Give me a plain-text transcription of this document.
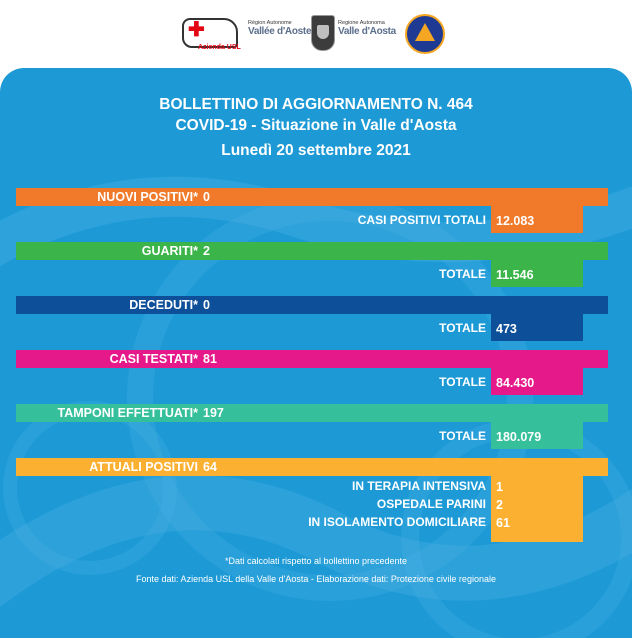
✚
Azienda USL
Région Autonome
Vallée d'Aoste
Regione Autonoma
Valle d'Aosta
BOLLETTINO DI AGGIORNAMENTO N. 464
COVID-19 - Situazione in Valle d'Aosta
Lunedì 20 settembre 2021
NUOVI POSITIVI* 0
12.083
CASI POSITIVI TOTALI
GUARITI* 2
11.546
TOTALE
DECEDUTI* 0
473
TOTALE
CASI TESTATI* 81
84.430
TOTALE
TAMPONI EFFETTUATI* 197
180.079
TOTALE
ATTUALI POSITIVI 64
1
2
61
IN TERAPIA INTENSIVA
OSPEDALE PARINI
IN ISOLAMENTO DOMICILIARE
*Dati calcolati rispetto al bollettino precedente
Fonte dati: Azienda USL della Valle d'Aosta - Elaborazione dati: Protezione civile regionale
